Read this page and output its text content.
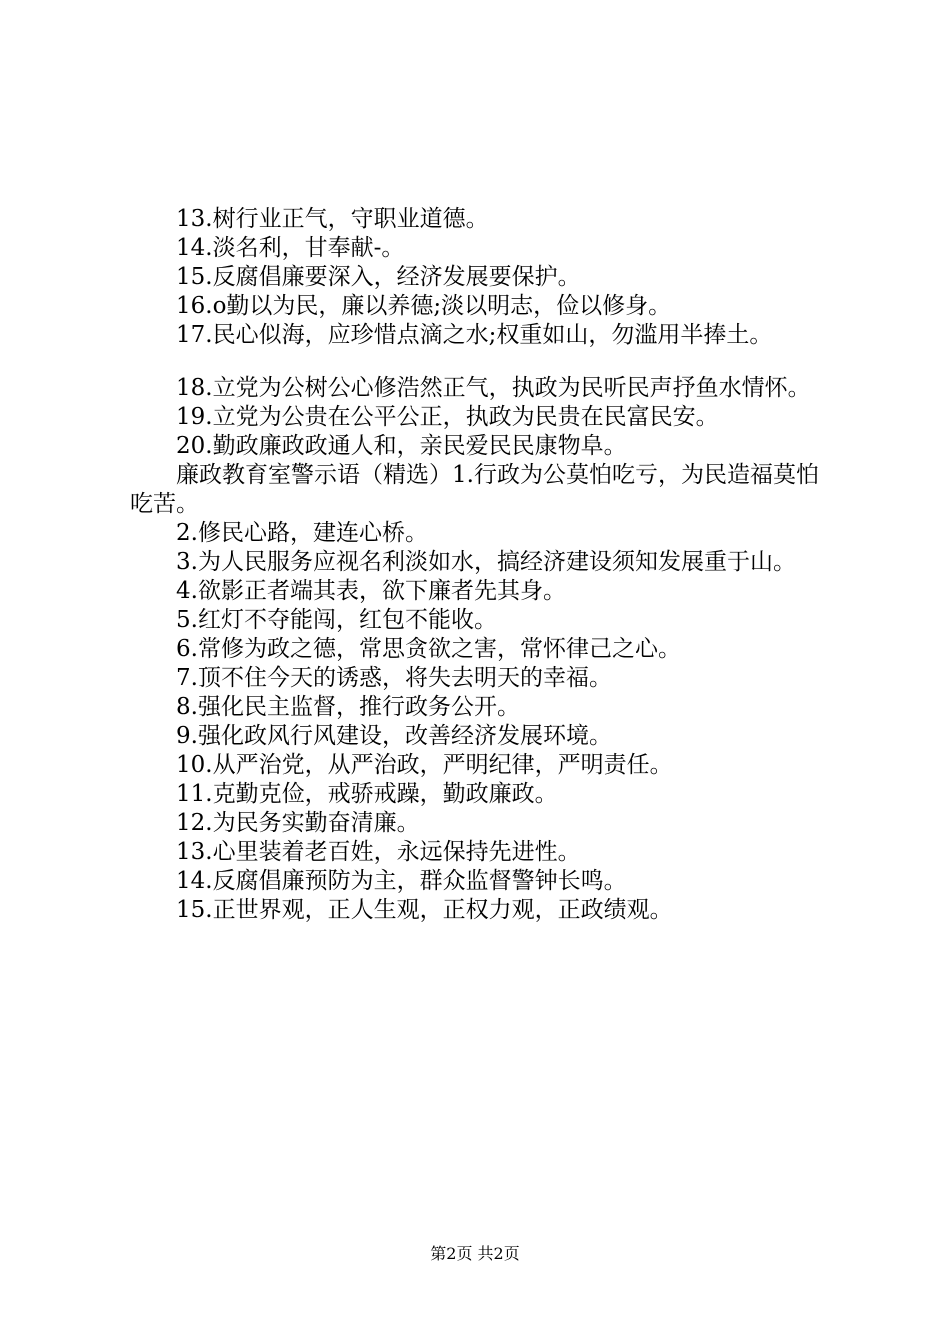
13.树行业正气，守职业道德。

14.淡名利，甘奉献-。

15.反腐倡廉要深入，经济发展要保护。

16.o勤以为民，廉以养德;淡以明志，俭以修身。

17.民心似海，应珍惜点滴之水;权重如山，勿滥用半捧土。

18.立党为公树公心修浩然正气，执政为民听民声抒鱼水情怀。

19.立党为公贵在公平公正，执政为民贵在民富民安。

20.勤政廉政政通人和，亲民爱民民康物阜。

廉政教育室警示语（精选）1.行政为公莫怕吃亏，为民造福莫怕吃苦。

2.修民心路，建连心桥。

3.为人民服务应视名利淡如水，搞经济建设须知发展重于山。

4.欲影正者端其表，欲下廉者先其身。

5.红灯不夺能闯，红包不能收。

6.常修为政之德，常思贪欲之害，常怀律己之心。

7.顶不住今天的诱惑，将失去明天的幸福。

8.强化民主监督，推行政务公开。

9.强化政风行风建设，改善经济发展环境。

10.从严治党，从严治政，严明纪律，严明责任。

11.克勤克俭，戒骄戒躁，勤政廉政。

12.为民务实勤奋清廉。

13.心里装着老百姓，永远保持先进性。

14.反腐倡廉预防为主，群众监督警钟长鸣。

15.正世界观，正人生观，正权力观，正政绩观。

第2页 共2页
